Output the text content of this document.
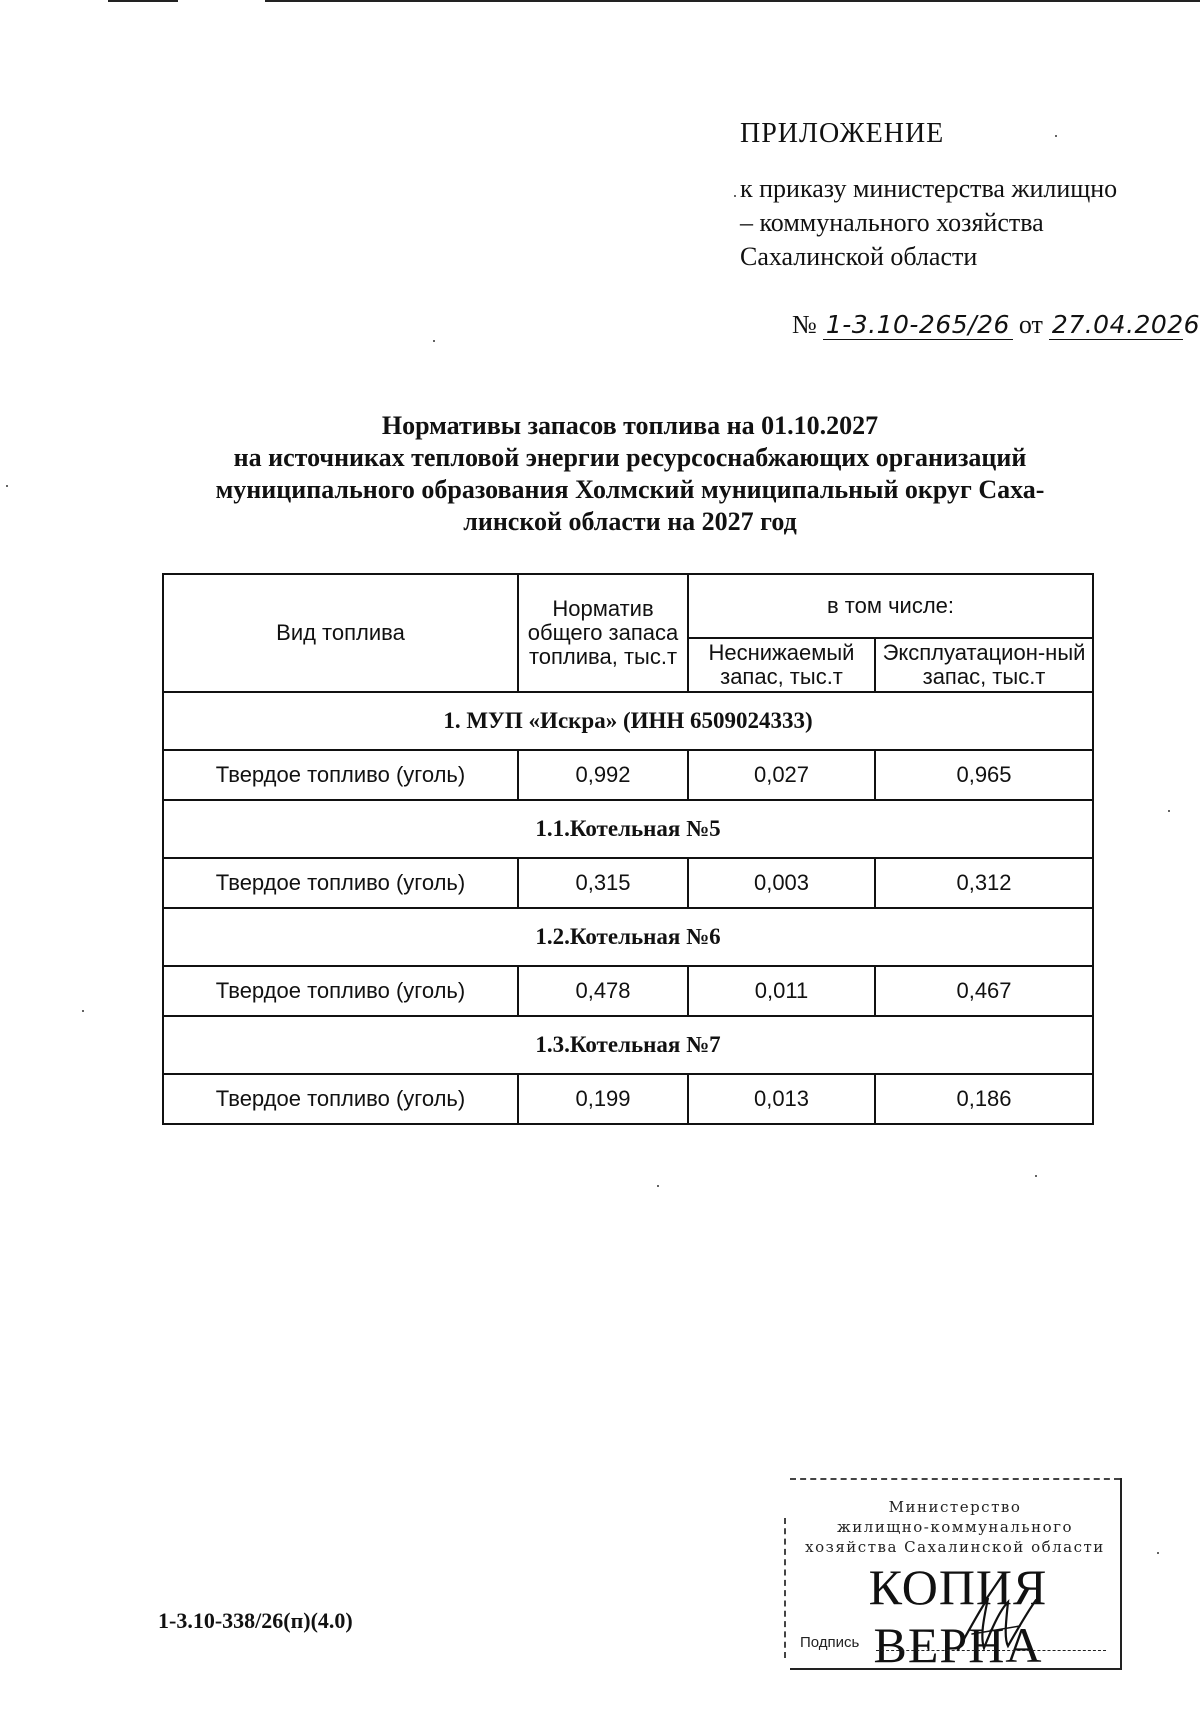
ПРИЛОЖЕНИЕ
к приказу министерства жилищно – коммунального хозяйства Сахалинской области
№ 1-3.10-265/26 от 27.04.2026
Нормативы запасов топлива на 01.10.2027
на источниках тепловой энергии ресурсоснабжающих организаций
муниципального образования Холмский муниципальный округ Саха-
линской области на 2027 год
Вид топлива	Норматив общего запаса топлива, тыс.т	в том числе:	
		Неснижаемый запас, тыс.т	Эксплуатацион-ный запас, тыс.т
1. МУП «Искра» (ИНН 6509024333)			
Твердое топливо (уголь)	0,992	0,027	0,965
1.1.Котельная №5			
Твердое топливо (уголь)	0,315	0,003	0,312
1.2.Котельная №6			
Твердое топливо (уголь)	0,478	0,011	0,467
1.3.Котельная №7			
Твердое топливо (уголь)	0,199	0,013	0,186
1-3.10-338/26(п)(4.0)
Министерство
жилищно-коммунального
хозяйства Сахалинской области
КОПИЯ ВЕРНА
Подпись
